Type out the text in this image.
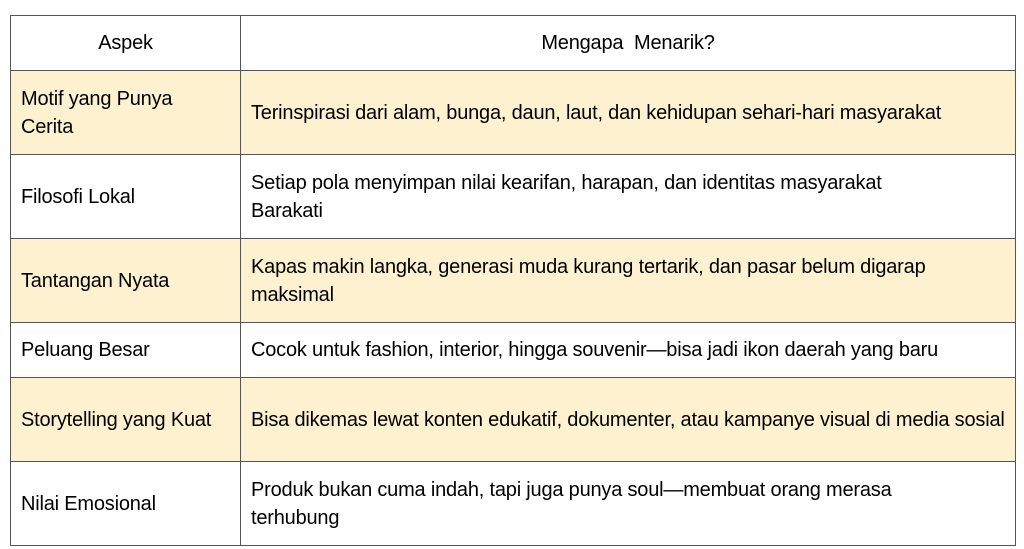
Aspek	Mengapa  Menarik?
Motif yang Punya Cerita	Terinspirasi dari alam, bunga, daun, laut, dan kehidupan sehari-hari masyarakat
Filosofi Lokal	Setiap pola menyimpan nilai kearifan, harapan, dan identitas masyarakat Barakati
Tantangan Nyata	Kapas makin langka, generasi muda kurang tertarik, dan pasar belum digarap maksimal
Peluang Besar	Cocok untuk fashion, interior, hingga souvenir—bisa jadi ikon daerah yang baru
Storytelling yang Kuat	Bisa dikemas lewat konten edukatif, dokumenter, atau kampanye visual di media sosial
Nilai Emosional	Produk bukan cuma indah, tapi juga punya soul—membuat orang merasa terhubung
